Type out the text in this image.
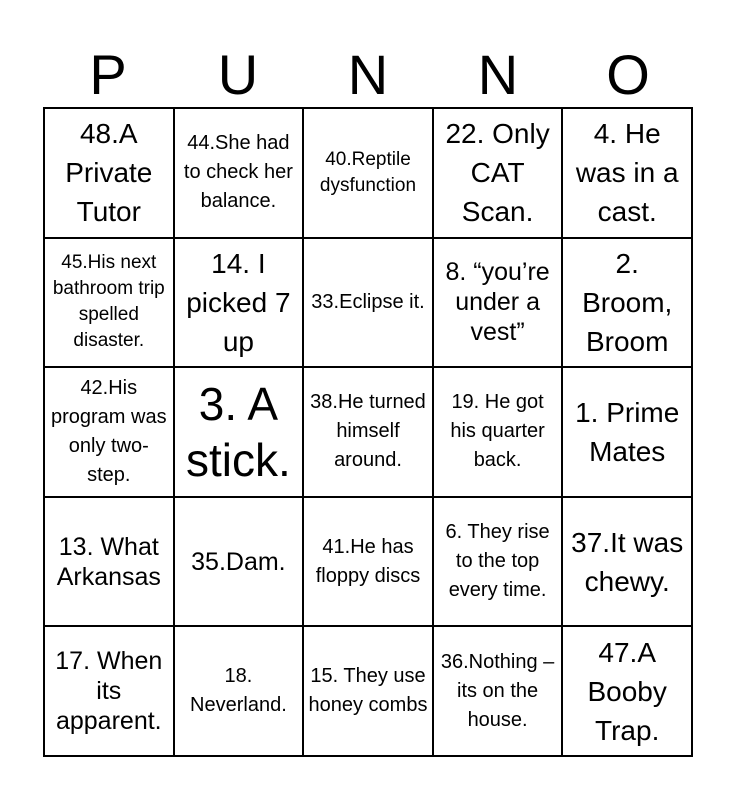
P	U	N	N	O
48.A Private Tutor
44.She had to check her balance.
40.Reptile dysfunction
22. Only CAT Scan.
4. He was in a cast.
45.His next bathroom trip spelled disaster.
14. I picked 7 up
33.Eclipse it.
8. “you’re under a vest”
2. Broom, Broom
42.His program was only two-step.
3. A stick.
38.He turned himself around.
19. He got his quarter back.
1. Prime Mates
13. What Arkansas
35.Dam.
41.He has floppy discs
6. They rise to the top every time.
37.It was chewy.
17. When its apparent.
18. Neverland.
15. They use honey combs
36.Nothing – its on the house.
47.A Booby Trap.
